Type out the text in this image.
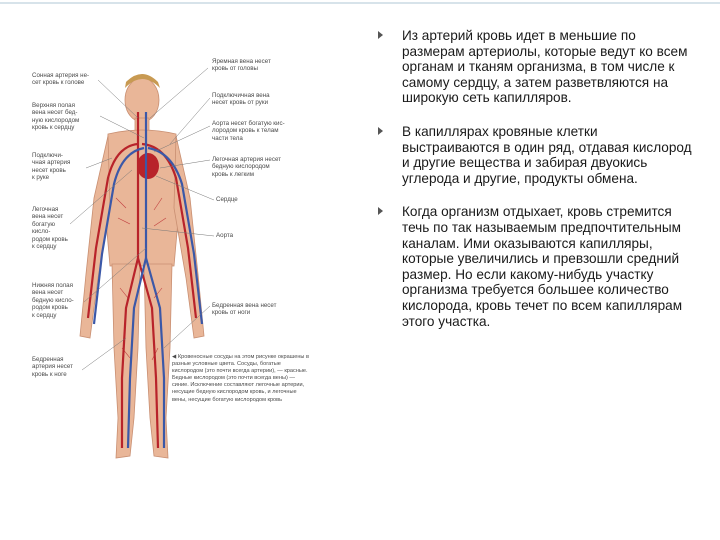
Сонная артерия не-
сет кровь к голове
Верхняя полая
вена несет бед-
ную кислородом
кровь к сердцу
Подключи-
чная артерия
несет кровь
к руке
Легочная
вена несет
богатую
кисло-
родом кровь
к сердцу
Нижняя полая
вена несет
бедную кисло-
родом кровь
к сердцу
Бедренная
артерия несет
кровь к ноге
Яремная вена несет
кровь от головы
Подключичная вена
несет кровь от руки
Аорта несет богатую кис-
лородом кровь к телам
части тела
Легочная артерия несет
бедную кислородом
кровь к легким
Сердце
Аорта
Бедренная вена несет
кровь от ноги
◀ Кровеносные сосуды на этом рисунке окрашены в разные условные цвета. Сосуды, богатые кислородом (это почти всегда артерии), — красные. Бедные кислородом (это почти всегда вены) — синие. Исключение составляют легочные артерии, несущие бедную кислородом кровь, и легочные вены, несущие богатую кислородом кровь
Из артерий кровь идет в меньшие по размерам артериолы, которые ведут ко всем органам и тканям организма, в том числе к самому сердцу, а затем разветвляются на широкую сеть капилляров.
В капиллярах кровяные клетки выстраиваются в один ряд, отдавая кислород и другие вещества и забирая двуокись углерода и другие, продукты обмена.
Когда организм отдыхает, кровь стремится течь по так называемым предпочтительным каналам. Ими оказываются капилляры, которые увеличились и превзошли средний размер. Но если какому-нибудь участку организма требуется большее количество кислорода, кровь течет по всем капиллярам этого участка.
